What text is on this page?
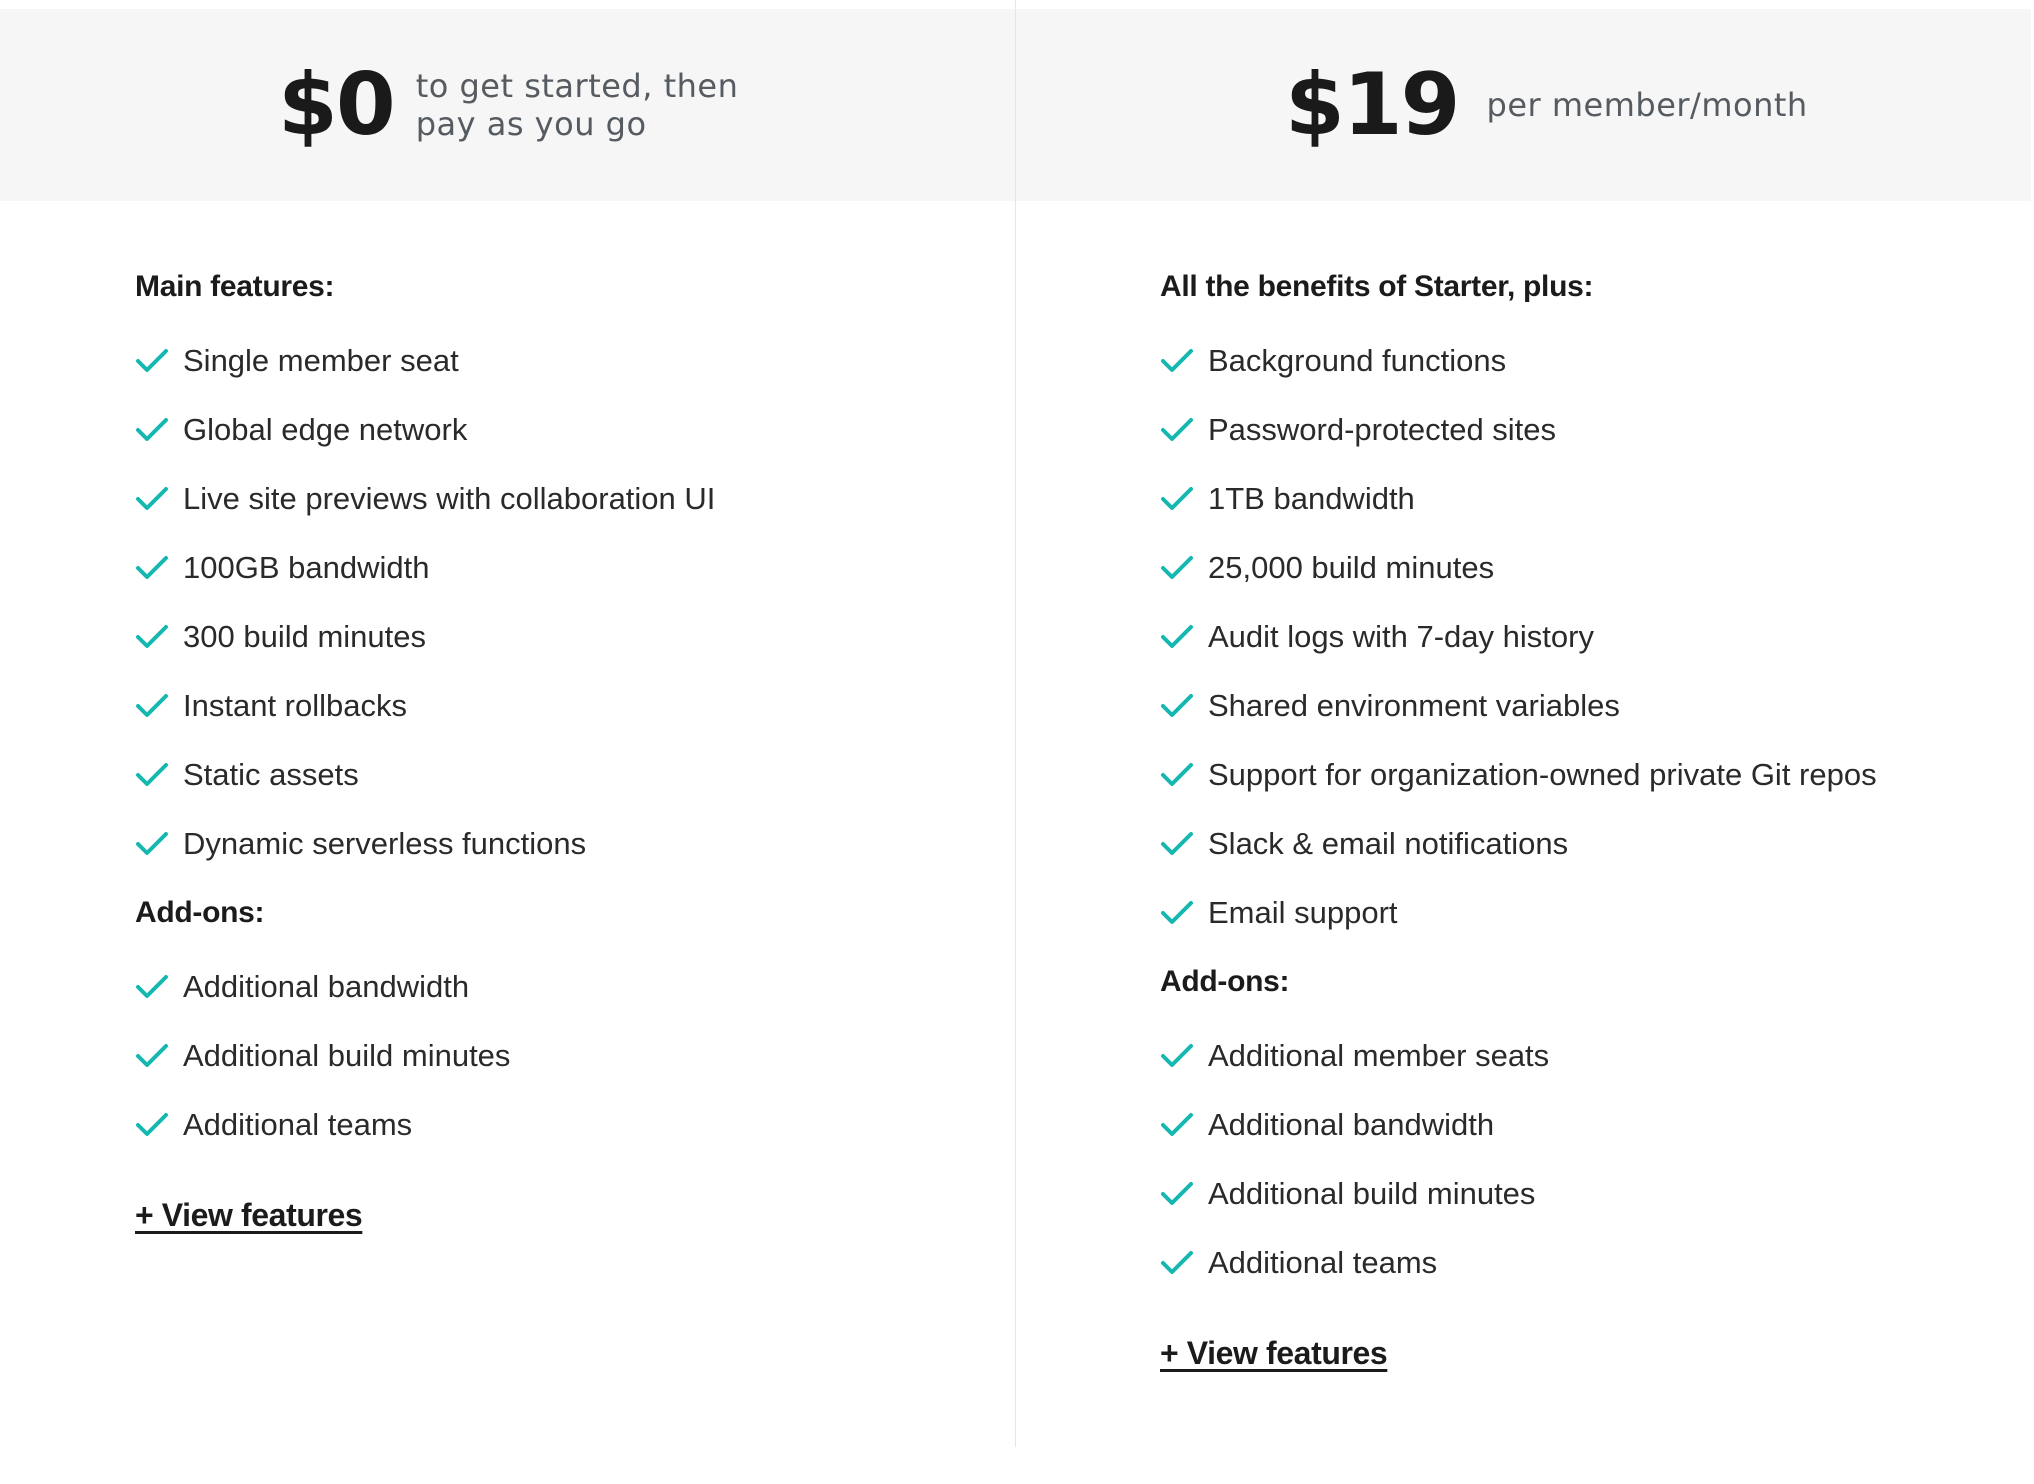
$0 to get started, then pay as you go
Main features:
Single member seat
Global edge network
Live site previews with collaboration UI
100GB bandwidth
300 build minutes
Instant rollbacks
Static assets
Dynamic serverless functions
Add-ons:
Additional bandwidth
Additional build minutes
Additional teams
+ View features
$19 per member/month
All the benefits of Starter, plus:
Background functions
Password-protected sites
1TB bandwidth
25,000 build minutes
Audit logs with 7-day history
Shared environment variables
Support for organization-owned private Git repos
Slack & email notifications
Email support
Add-ons:
Additional member seats
Additional bandwidth
Additional build minutes
Additional teams
+ View features
